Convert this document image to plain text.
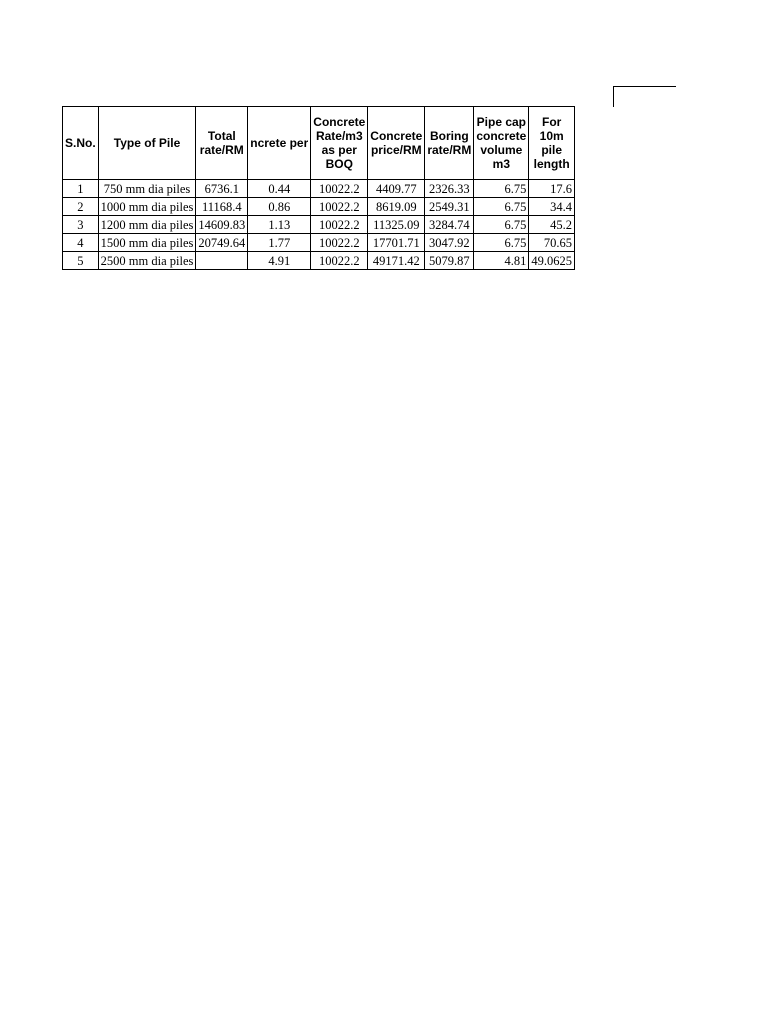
S.No.	Type of Pile	Total rate/RM	ncrete per	Concrete Rate/m3 as per BOQ	Concrete price/RM	Boring rate/RM	Pipe cap concrete volume m3	For 10m pile length
1	750 mm dia piles	6736.1	0.44	10022.2	4409.77	2326.33	6.75	17.6
2	1000 mm dia piles	11168.4	0.86	10022.2	8619.09	2549.31	6.75	34.4
3	1200 mm dia piles	14609.83	1.13	10022.2	11325.09	3284.74	6.75	45.2
4	1500 mm dia piles	20749.64	1.77	10022.2	17701.71	3047.92	6.75	70.65
5	2500 mm dia piles		4.91	10022.2	49171.42	5079.87	4.81	49.0625
